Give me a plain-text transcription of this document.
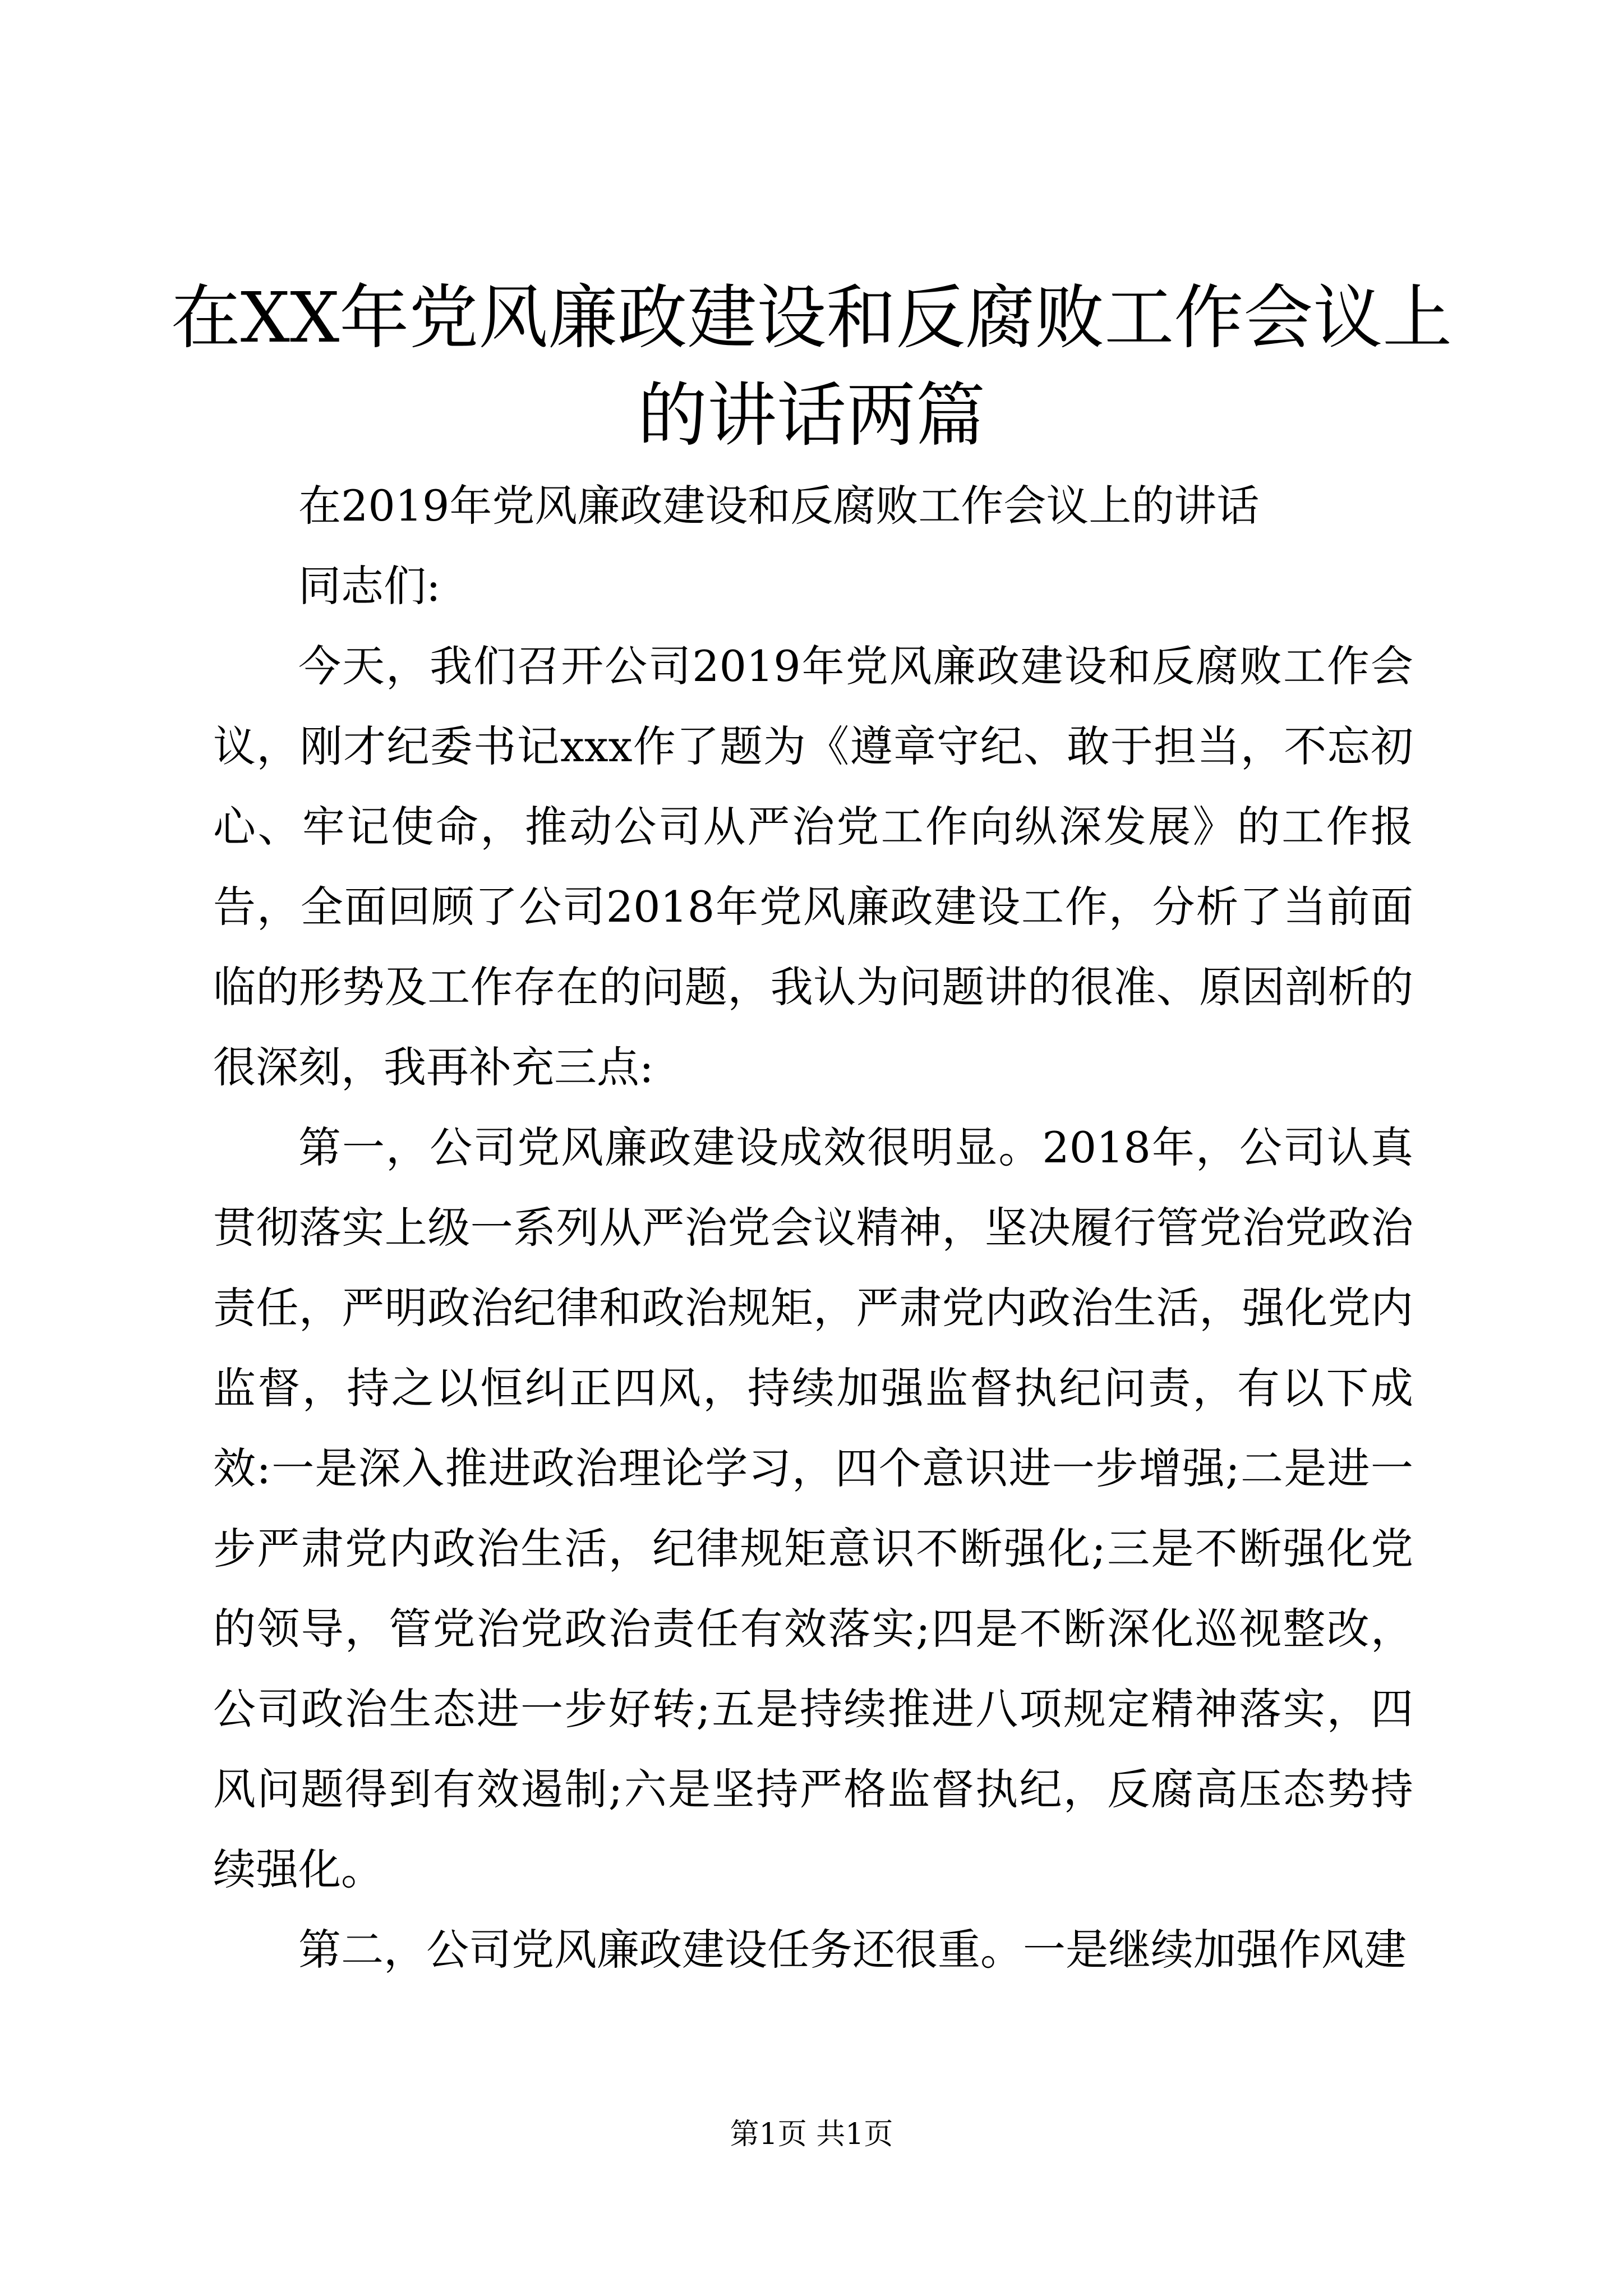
在XX年党风廉政建设和反腐败工作会议上的讲话两篇

在2019年党风廉政建设和反腐败工作会议上的讲话

同志们:

今天，我们召开公司2019年党风廉政建设和反腐败工作会议，刚才纪委书记xxx作了题为《遵章守纪、敢于担当，不忘初心、牢记使命，推动公司从严治党工作向纵深发展》的工作报告，全面回顾了公司2018年党风廉政建设工作，分析了当前面临的形势及工作存在的问题，我认为问题讲的很准、原因剖析的很深刻，我再补充三点:

第一，公司党风廉政建设成效很明显。2018年，公司认真贯彻落实上级一系列从严治党会议精神，坚决履行管党治党政治责任，严明政治纪律和政治规矩，严肃党内政治生活，强化党内监督，持之以恒纠正四风，持续加强监督执纪问责，有以下成效:一是深入推进政治理论学习，四个意识进一步增强;二是进一步严肃党内政治生活，纪律规矩意识不断强化;三是不断强化党的领导，管党治党政治责任有效落实;四是不断深化巡视整改，公司政治生态进一步好转;五是持续推进八项规定精神落实，四风问题得到有效遏制;六是坚持严格监督执纪，反腐高压态势持续强化。

第二，公司党风廉政建设任务还很重。一是继续加强作风建

第1页 共1页
